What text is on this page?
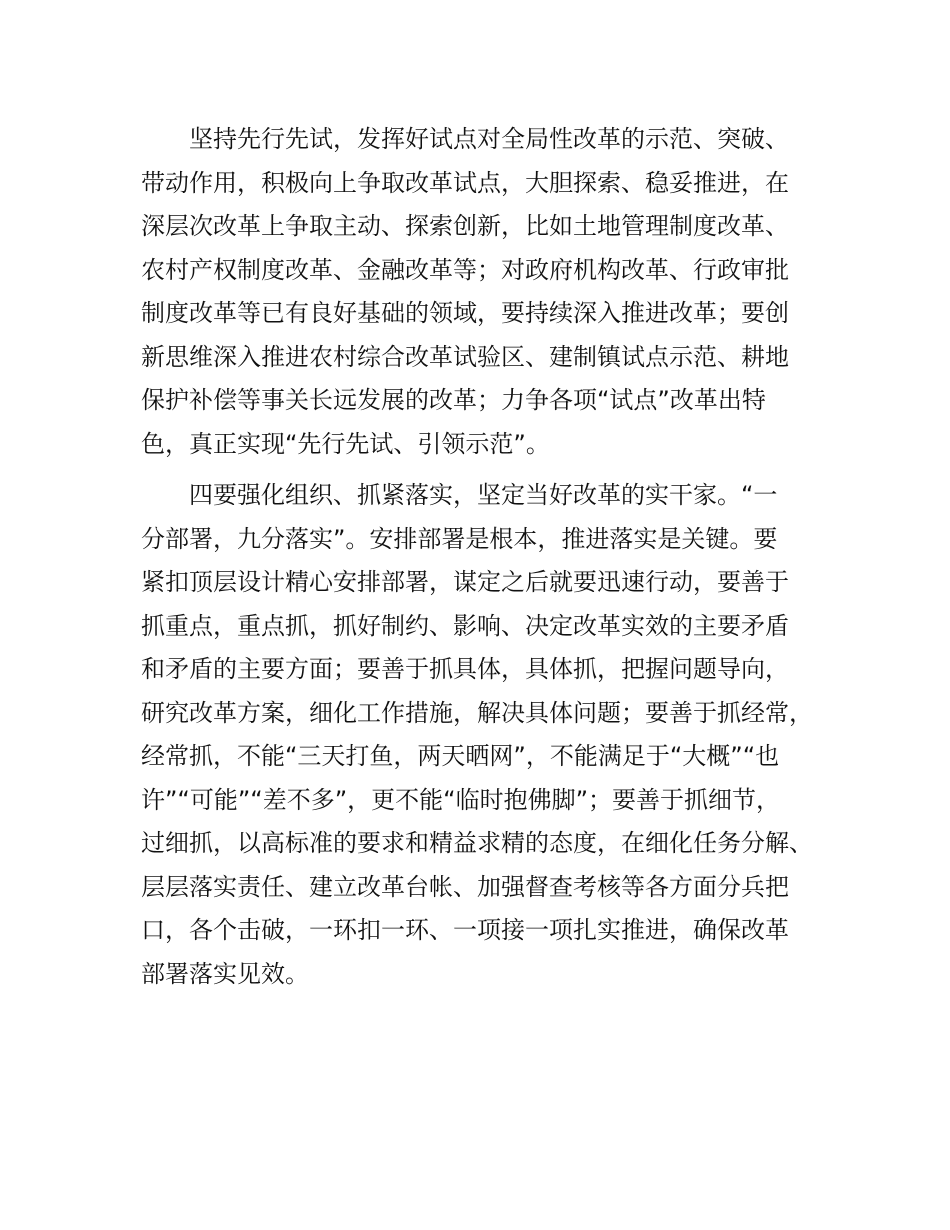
坚持先行先试，发挥好试点对全局性改革的示范、突破、
带动作用，积极向上争取改革试点，大胆探索、稳妥推进，在
深层次改革上争取主动、探索创新，比如土地管理制度改革、
农村产权制度改革、金融改革等；对政府机构改革、行政审批
制度改革等已有良好基础的领域，要持续深入推进改革；要创
新思维深入推进农村综合改革试验区、建制镇试点示范、耕地
保护补偿等事关长远发展的改革；力争各项“试点”改革出特
色，真正实现“先行先试、引领示范”。

四要强化组织、抓紧落实，坚定当好改革的实干家。“一
分部署，九分落实”。安排部署是根本，推进落实是关键。要
紧扣顶层设计精心安排部署，谋定之后就要迅速行动，要善于
抓重点，重点抓，抓好制约、影响、决定改革实效的主要矛盾
和矛盾的主要方面；要善于抓具体，具体抓，把握问题导向，
研究改革方案，细化工作措施，解决具体问题；要善于抓经常，
经常抓，不能“三天打鱼，两天晒网”，不能满足于“大概”“也
许”“可能”“差不多”，更不能“临时抱佛脚”；要善于抓细节，
过细抓，以高标准的要求和精益求精的态度，在细化任务分解、
层层落实责任、建立改革台帐、加强督查考核等各方面分兵把
口，各个击破，一环扣一环、一项接一项扎实推进，确保改革
部署落实见效。
